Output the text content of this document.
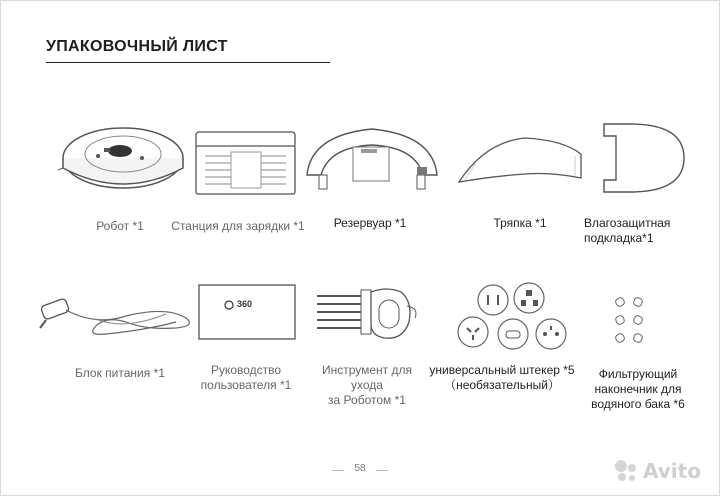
УПАКОВОЧНЫЙ ЛИСТ
Робот *1	Станция для зарядки *1	Резервуар *1	Тряпка *1	Влагозащитная
подкладка*1
Блок питания *1
360
Руководство
пользователя *1
Инструмент для ухода
за Роботом *1
универсальный штекер *5
（необязательный）
Фильтрующий
наконечник для
водяного бака *6
58	Avito
